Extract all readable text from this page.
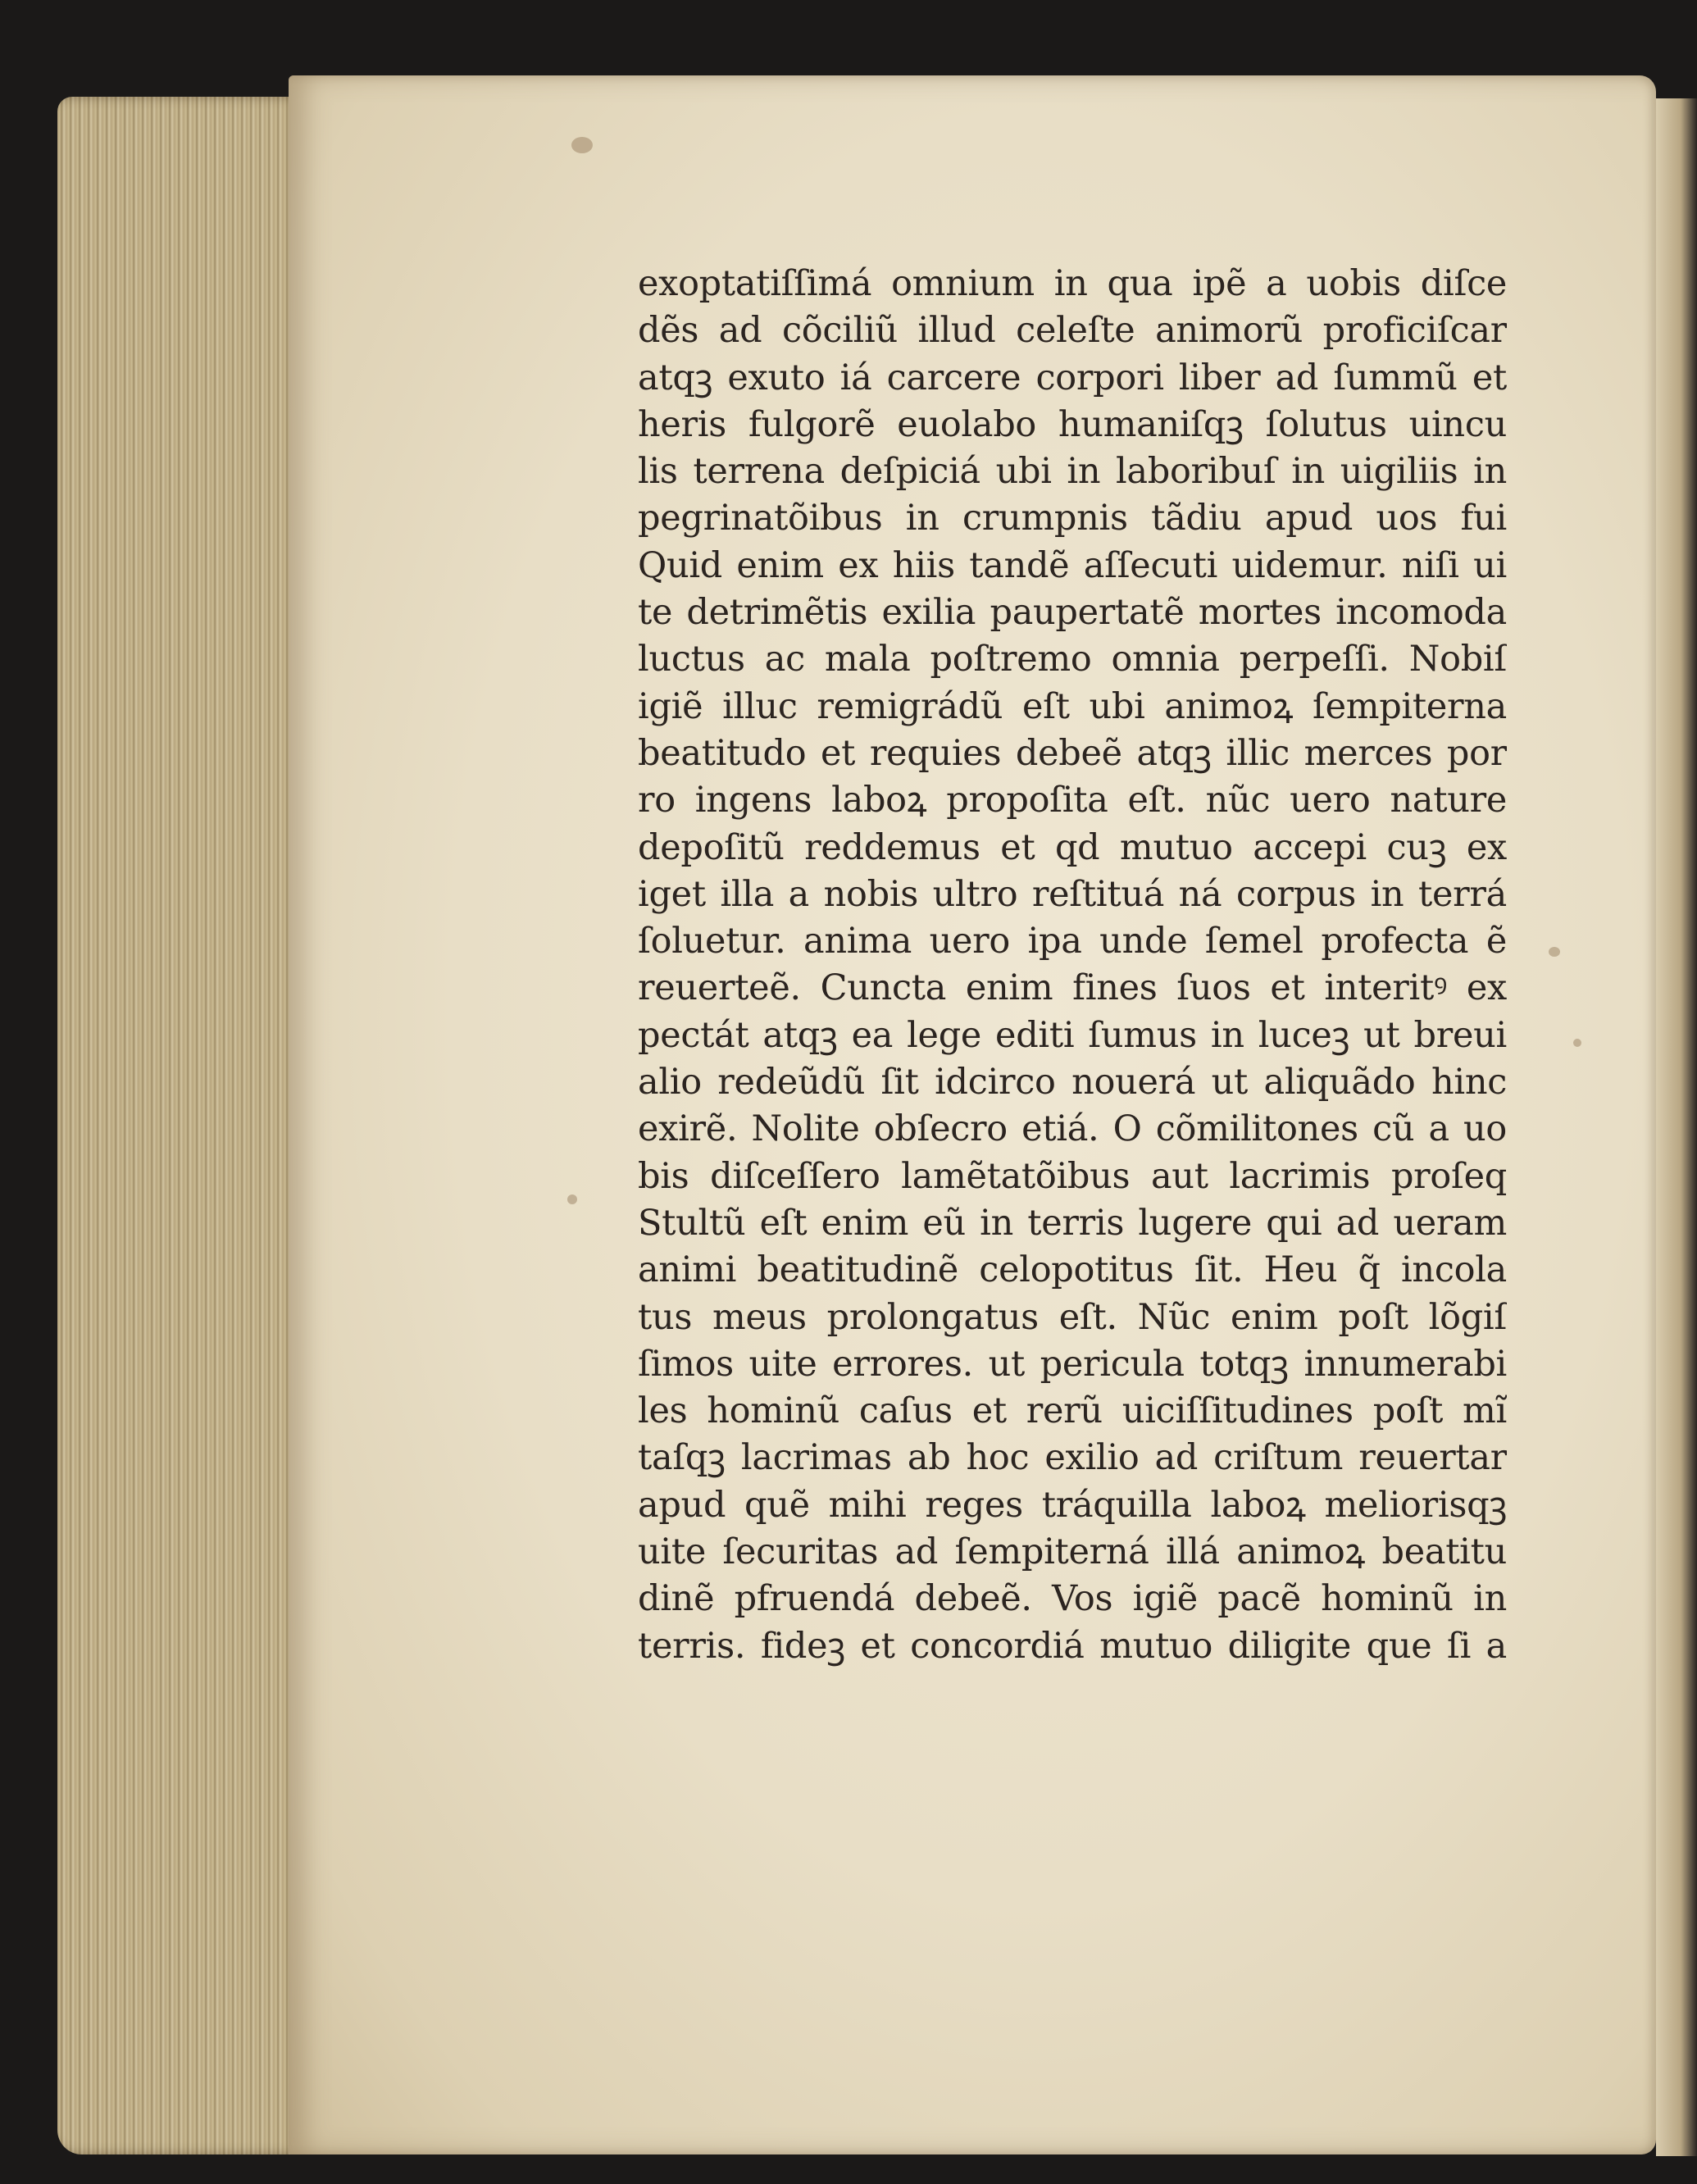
exoptatiſſimá omnium in qua ipẽ a uobis diſce
dẽs ad cõciliũ illud celeſte animorũ proficiſcar
atqꝫ exuto iá carcere corpori liber ad ſummũ et
heris fulgorẽ euolabo humaniſqꝫ ſolutus uincu
lis terrena deſpiciá ubi in laboribuſ in uigiliis in
pegrinatõibus in crumpnis tãdiu apud uos fui
Quid enim ex hiis tandẽ aſſecuti uidemur. niſi ui
te detrimẽtis exilia paupertatẽ mortes incomoda
luctus ac mala poſtremo omnia perpeſſi. Nobiſ
igiẽ illuc remigrádũ eſt ubi animoꝝ ſempiterna
beatitudo et requies debeẽ atqꝫ illic merces por
ro ingens laboꝝ propoſita eſt. nũc uero nature
depoſitũ reddemus et qd mutuo accepi cuꝫ ex
iget illa a nobis ultro reſtituá ná corpus in terrá
ſoluetur. anima uero ipa unde ſemel profecta ẽ
reuerteẽ. Cuncta enim fines ſuos et interitꝰ ex
pectát atqꝫ ea lege editi ſumus in luceꝫ ut breui
alio redeũdũ ſit idcirco nouerá ut aliquãdo hinc
exirẽ. Nolite obſecro etiá. O cõmilitones cũ a uo
bis diſceſſero lamẽtatõibus aut lacrimis proſeq
Stultũ eſt enim eũ in terris lugere qui ad ueram
animi beatitudinẽ celopotitus ſit. Heu q̃ incola
tus meus prolongatus eſt. Nũc enim poſt lõgiſ
ſimos uite errores. ut pericula totqꝫ innumerabi
les hominũ caſus et rerũ uiciſſitudines poſt mĩ
taſqꝫ lacrimas ab hoc exilio ad criſtum reuertar
apud quẽ mihi reges tráquilla laboꝝ meliorisqꝫ
uite ſecuritas ad ſempiterná illá animoꝝ beatitu
dinẽ pfruendá debeẽ. Vos igiẽ pacẽ hominũ in
terris. fideꝫ et concordiá mutuo diligite que ſi a
